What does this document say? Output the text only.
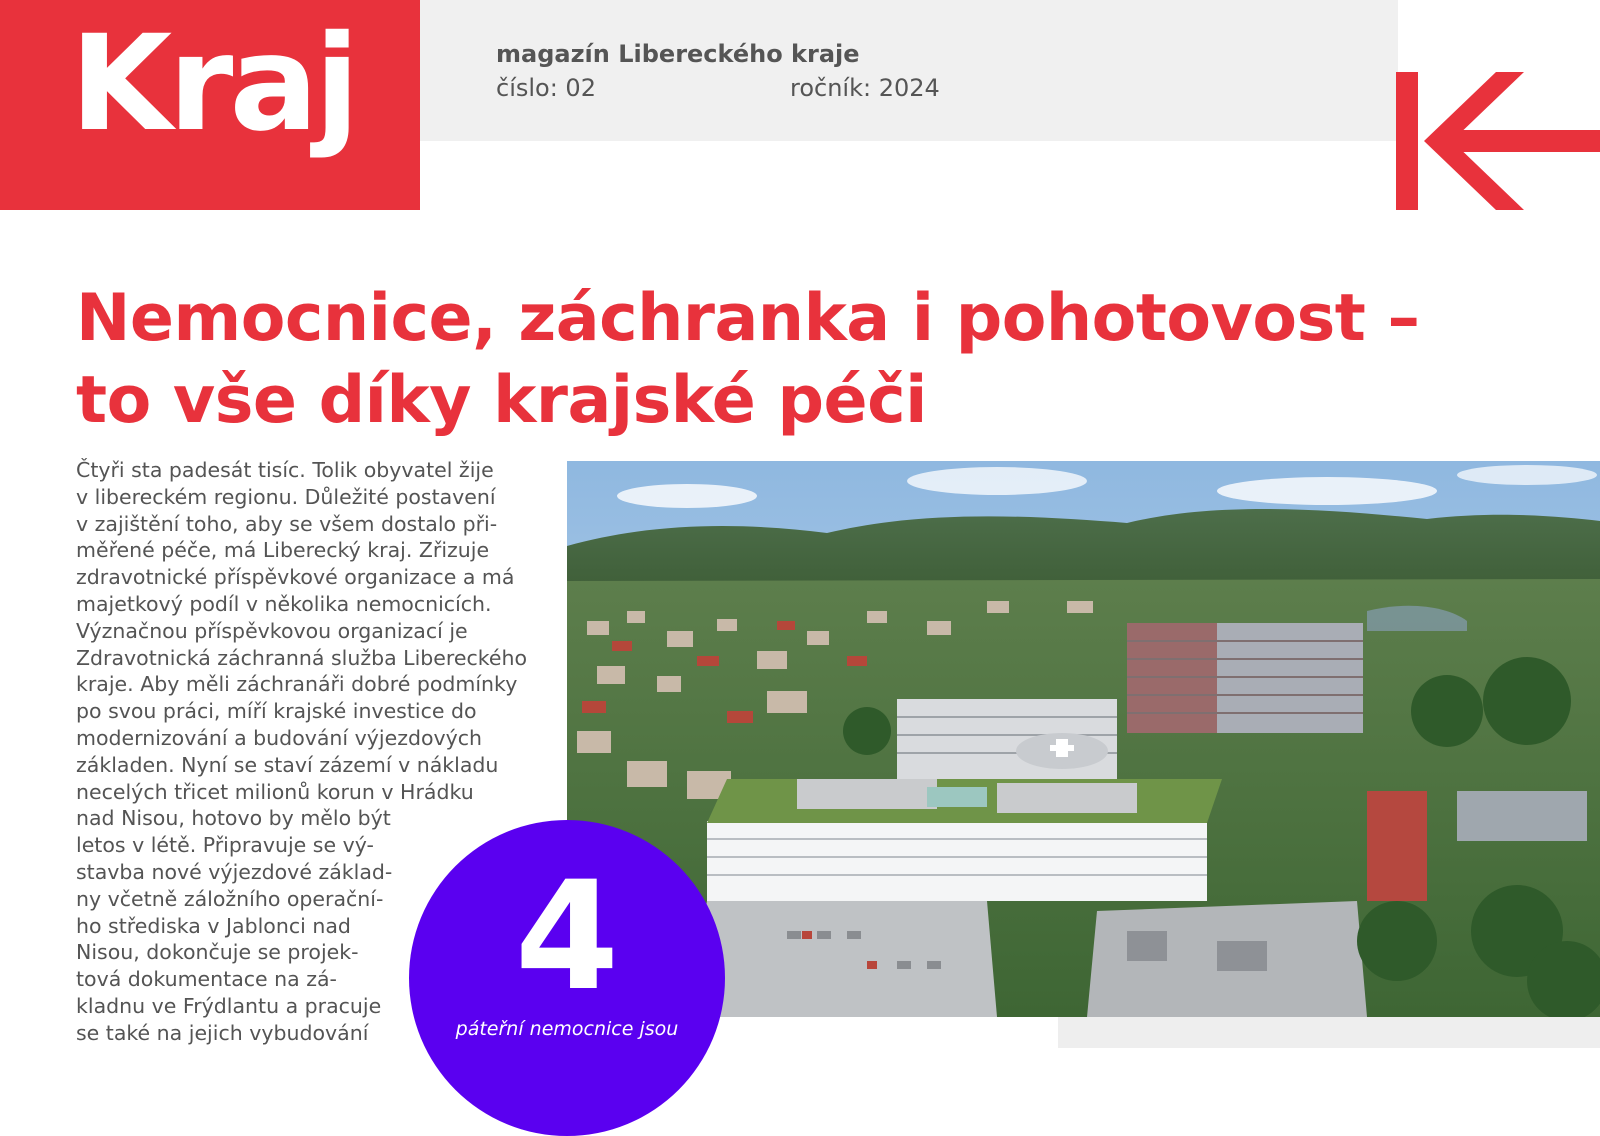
Kraj	magazín Libereckého kraje
číslo: 02	ročník: 2024
Nemocnice, záchranka i pohotovost –
to vše díky krajské péči
Čtyři sta padesát tisíc. Tolik obyvatel žije
v libereckém regionu. Důležité postavení
v zajištění toho, aby se všem dostalo při-
měřené péče, má Liberecký kraj. Zřizuje
zdravotnické příspěvkové organizace a má
majetkový podíl v několika nemocnicích.
Význačnou příspěvkovou organizací je
Zdravotnická záchranná služba Libereckého
kraje. Aby měli záchranáři dobré podmínky
po svou práci, míří krajské investice do
modernizování a budování výjezdových
základen. Nyní se staví zázemí v nákladu
necelých třicet milionů korun v Hrádku
nad Nisou, hotovo by mělo být
letos v létě. Připravuje se vý-
stavba nové výjezdové základ-
ny včetně záložního operační-
ho střediska v Jablonci nad
Nisou, dokončuje se projek-
tová dokumentace na zá-
kladnu ve Frýdlantu a pracuje
se také na jejich vybudování
4
páteřní nemocnice jsou
